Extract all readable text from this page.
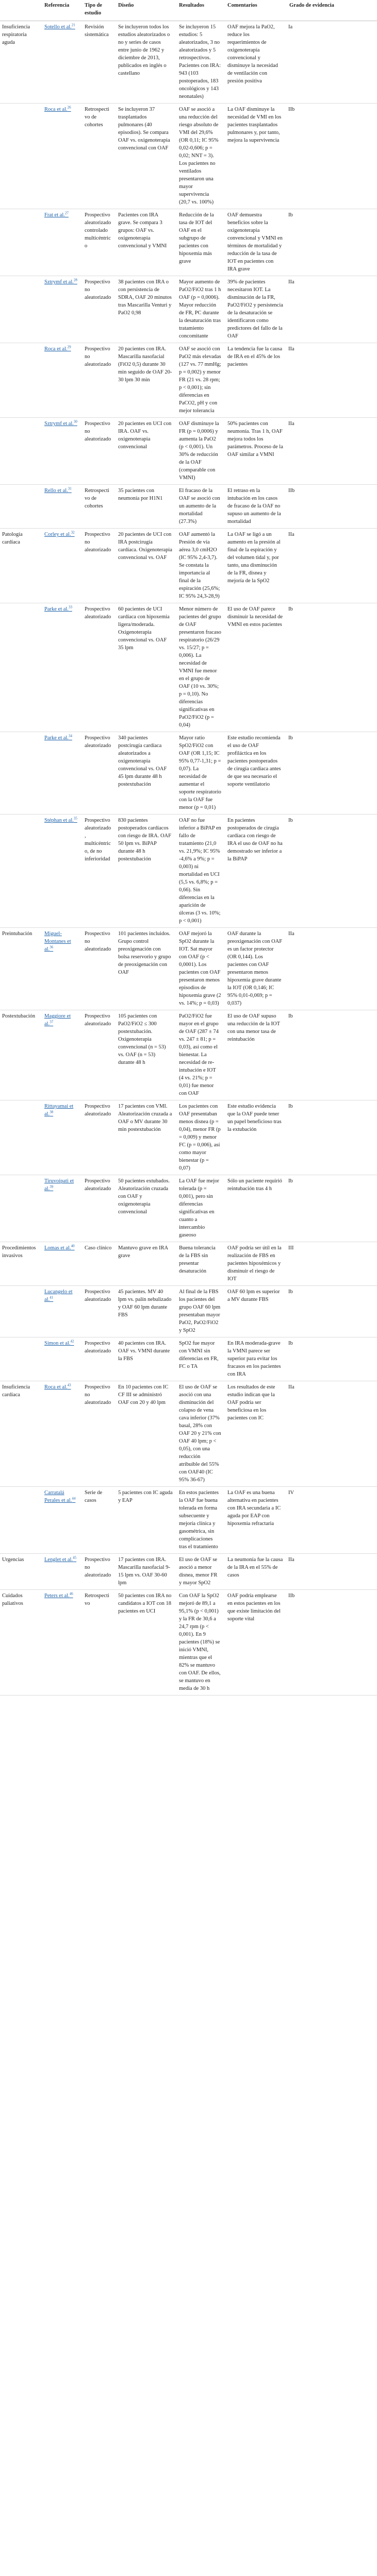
	Referencia	Tipo de estudio	Diseño	Resultados	Comentarios	Grado de evidencia
Insuficiencia respiratoria aguda	Sotello et al.$^{21}$	Revisión sistemática	Se incluyeron todos los estudios aleatorizados o no y series de casos entre junio de 1962 y diciembre de 2013, publicados en inglés o castellano	Se incluyeron 15 estudios: 5 aleatorizados, 3 no aleatorizados y 5 retrospectivos. Pacientes con IRA: 943 (103 postoperados, 183 oncológicos y 143 neonatales)	OAF mejora la PaO2, reduce los requerimientos de oxigenoterapia convencional y disminuye la necesidad de ventilación con presión positiva	Ia
	Roca et al.$^{26}$	Retrospectivo de cohortes	Se incluyeron 37 trasplantados pulmonares (40 episodios). Se compara OAF vs. oxigenoterapia convencional con OAF	OAF se asoció a una reducción del riesgo absoluto de VMI del 29,6% (OR 0,11; IC 95% 0,02-0,606; p = 0,02; NNT = 3). Los pacientes no ventilados presentaron una mayor supervivencia (20,7 vs. 100%)	La OAF disminuye la necesidad de VMI en los pacientes trasplantados pulmonares y, por tanto, mejora la supervivencia	IIb
	Frat et al.$^{27}$	Prospectivo aleatorizado controlado multicéntrico	Pacientes con IRA grave. Se compara 3 grupos: OAF vs. oxigenoterapia convencional y VMNI	Reducción de la tasa de IOT del OAF en el subgrupo de pacientes con hipoxemia más grave	OAF demuestra beneficios sobre la oxigenoterapia convencional y VMNI en términos de mortalidad y reducción de la tasa de IOT en pacientes con IRA grave	Ib
	Sztrymf et al.$^{28}$	Prospectivo no aleatorizado	38 pacientes con IRA o con persistencia de SDRA, OAF 20 minutos tras Mascarilla Venturi y PaO2 0,98	Mayor aumento de PaO2/FiO2 tras 1 h OAF (p = 0,0006). Mayor reducción de FR, PC durante la desaturación tras tratamiento concomitante	39% de pacientes necesitaron IOT. La disminución de la FR, PaO2/FiO2 y persistencia de la desaturación se identificaron como predictores del fallo de la OAF	IIa
	Roca et al.$^{29}$	Prospectivo no aleatorizado	20 pacientes con IRA. Mascarilla nasofacial (FiO2 0,5) durante 30 min seguido de OAF 20-30 lpm 30 min	OAF se asoció con PaO2 más elevadas (127 vs. 77 mmHg; p = 0,002) y menor FR (21 vs. 28 rpm; p < 0,001); sin diferencias en PaCO2, pH y con mejor tolerancia	La tendencia fue la causa de IRA en el 45% de los pacientes	IIa
	Sztrymf et al.$^{30}$	Prospectivo no aleatorizado	20 pacientes en UCI con IRA. OAF vs. oxigenoterapia convencional	OAF disminuye la FR (p = 0,0006) y aumenta la PaO2 (p < 0,001). Un 30% de reducción de la OAF (comparable con VMNI)	50% pacientes con neumonía. Tras 1 h, OAF mejora todos los parámetros. Proceso de la OAF similar a VMNI	IIa
	Rello et al.$^{31}$	Retrospectivo de cohortes	35 pacientes con neumonía por H1N1	El fracaso de la OAF se asoció con un aumento de la mortalidad (27.3%)	El retraso en la intubación en los casos de fracaso de la OAF no supuso un aumento de la mortalidad	IIb
Patología cardíaca	Corley et al.$^{32}$	Prospectivo no aleatorizado	20 pacientes de UCI con IRA postcirugía cardíaca. Oxigenoterapia convencional vs. OAF	OAF aumentó la Presión de vía aérea 3,0 cmH2O (IC 95% 2,4-3,7). Se constata la importancia al final de la espiración (25,6%; IC 95% 24,3-28,9)	La OAF se ligó a un aumento en la presión al final de la espiración y del volumen tidal y, por tanto, una disminución de la FR, disnea y mejoría de la SpO2	IIa
	Parke et al.$^{33}$	Prospectivo aleatorizado	60 pacientes de UCI cardíaca con hipoxemia ligera/moderada. Oxigenoterapia convencional vs. OAF 35 lpm	Menor número de pacientes del grupo de OAF presentaron fracaso respiratorio (26/29 vs. 15/27; p = 0,006). La necesidad de VMNI fue menor en el grupo de OAF (10 vs. 30%; p = 0,10). No diferencias significativas en PaO2/FiO2 (p = 0,04)	El uso de OAF parece disminuir la necesidad de VMNI en estos pacientes	Ib
	Parke et al.$^{34}$	Prospectivo aleatorizado	340 pacientes postcirugía cardíaca aleatorizados a oxigenoterapia convencional vs. OAF 45 lpm durante 48 h postextubación	Mayor ratio SpO2/FiO2 con OAF (OR 1,15; IC 95% 0,77-1,31; p = 0,07). La necesidad de aumentar el soporte respiratorio con la OAF fue menor (p = 0,01)	Este estudio recomienda el uso de OAF profiláctica en los pacientes postoperados de cirugía cardíaca antes de que sea necesario el soporte ventilatorio	Ib
	Stéphan et al.$^{35}$	Prospectivo aleatorizado, multicéntrico, de no inferioridad	830 pacientes postoperados cardíacos con riesgo de IRA. OAF 50 lpm vs. BiPAP durante 48 h postextubación	OAF no fue inferior a BiPAP en fallo de tratamiento (21,0 vs. 21,9%; IC 95% -4,6% a 9%; p = 0,003) ni mortalidad en UCI (5,5 vs. 6,8%; p = 0,66). Sin diferencias en la aparición de úlceras (3 vs. 10%; p < 0,001)	En pacientes postoperados de cirugía cardíaca con riesgo de IRA el uso de OAF no ha demostrado ser inferior a la BiPAP	Ib
Preintubación	Miguel-Montanes et al.$^{36}$	Prospectivo no aleatorizado	101 pacientes incluidos. Grupo control preoxigenación con bolsa reservorio y grupo de preoxigenación con OAF	OAF mejoró la SpO2 durante la IOT. Sat mayor con OAF (p < 0,0001). Los pacientes con OAF presentaron menos episodios de hipoxemia grave (2 vs. 14%; p = 0,03)	OAF durante la preoxigenación con OAF es un factor protector (OR 0,144). Los pacientes con OAF presentaron menos hipoxemia grave durante la IOT (OR 0,146; IC 95% 0,01-0,069; p = 0,037)	IIa
Postextubación	Maggiore et al.$^{37}$	Prospectivo aleatorizado	105 pacientes con PaO2/FiO2 ≤ 300 postextubación. Oxigenoterapia convencional (n = 53) vs. OAF (n = 53) durante 48 h	PaO2/FiO2 fue mayor en el grupo de OAF (287 ± 74 vs. 247 ± 81; p = 0,03), así como el bienestar. La necesidad de re-intubación e IOT (4 vs. 21%; p = 0,01) fue menor con OAF	El uso de OAF supuso una reducción de la IOT con una menor tasa de reintubación	Ib
	Rittayamai et al.$^{38}$	Prospectivo aleatorizado	17 pacientes con VMI. Aleatorización cruzada a OAF o MV durante 30 min postextubación	Los pacientes con OAF presentaban menos disnea (p = 0,04), menor FR (p = 0,009) y menor FC (p = 0,006), así como mayor bienestar (p = 0,07)	Este estudio evidencia que la OAF puede tener un papel beneficioso tras la extubación	Ib
	Tiruvoipati et al.$^{39}$	Prospectivo aleatorizado	50 pacientes extubados. Aleatorización cruzada con OAF y oxigenoterapia convencional	La OAF fue mejor tolerada (p = 0,001), pero sin diferencias significativas en cuanto a intercambio gaseoso	Sólo un paciente requirió reintubación tras 4 h	Ib
Procedimientos invasivos	Lomas et al.$^{40}$	Caso clínico	Mantuvo grave en IRA grave	Buena tolerancia de la FBS sin presentar desaturación	OAF podría ser útil en la realización de FBS en pacientes hipoxémicos y disminuir el riesgo de IOT	III
	Lucangelo et al.$^{41}$	Prospectivo aleatorizado	45 pacientes. MV 40 lpm vs. palín nebulizado y OAF 60 lpm durante FBS	Al final de la FBS los pacientes del grupo OAF 60 lpm presentaban mayor PaO2, PaO2/FiO2 y SpO2	OAF 60 lpm es superior a MV durante FBS	Ib
	Simon et al.$^{42}$	Prospectivo aleatorizado	40 pacientes con IRA. OAF vs. VMNI durante la FBS	SpO2 fue mayor con VMNI sin diferencias en FR, FC o TA	En IRA moderada-grave la VMNI parece ser superior para evitar los fracasos en los pacientes con IRA	Ib
Insuficiencia cardíaca	Roca et al.$^{43}$	Prospectivo no aleatorizado	En 10 pacientes con IC CF III se administró OAF con 20 y 40 lpm	El uso de OAF se asoció con una disminución del colapso de vena cava inferior (37% basal, 28% con OAF 20 y 21% con OAF 40 lpm; p < 0,05), con una reducción atribuible del 55% con OAF40 (IC 95% 36-67)	Los resultados de este estudio indican que la OAF podría ser beneficiosa en los pacientes con IC	IIa
	Carratalá Perales et al.$^{44}$	Serie de casos	5 pacientes con IC aguda y EAP	En estos pacientes la OAF fue buena tolerada en forma subsecuente y mejoría clínica y gasométrica, sin complicaciones tras el tratamiento	La OAF es una buena alternativa en pacientes con IRA secundaria a IC aguda por EAP con hipoxemia refractaria	IV
Urgencias	Lenglet et al.$^{45}$	Prospectivo no aleatorizado	17 pacientes con IRA. Mascarilla nasofacial 9-15 lpm vs. OAF 30-60 lpm	El uso de OAF se asoció a menor disnea, menor FR y mayor SpO2	La neumonía fue la causa de la IRA en el 55% de casos	IIa
Cuidados paliativos	Peters et al.$^{46}$	Retrospectivo	50 pacientes con IRA no candidatos a IOT con 18 pacientes en UCI	Con OAF la SpO2 mejoró de 89,1 a 95,1% (p < 0,001) y la FR de 30,6 a 24,7 rpm (p < 0,001). En 9 pacientes (18%) se inició VMNI, mientras que el 82% se mantuvo con OAF. De ellos, se mantuvo en media de 30 h	OAF podría emplearse en estos pacientes en los que existe limitación del soporte vital	IIb
